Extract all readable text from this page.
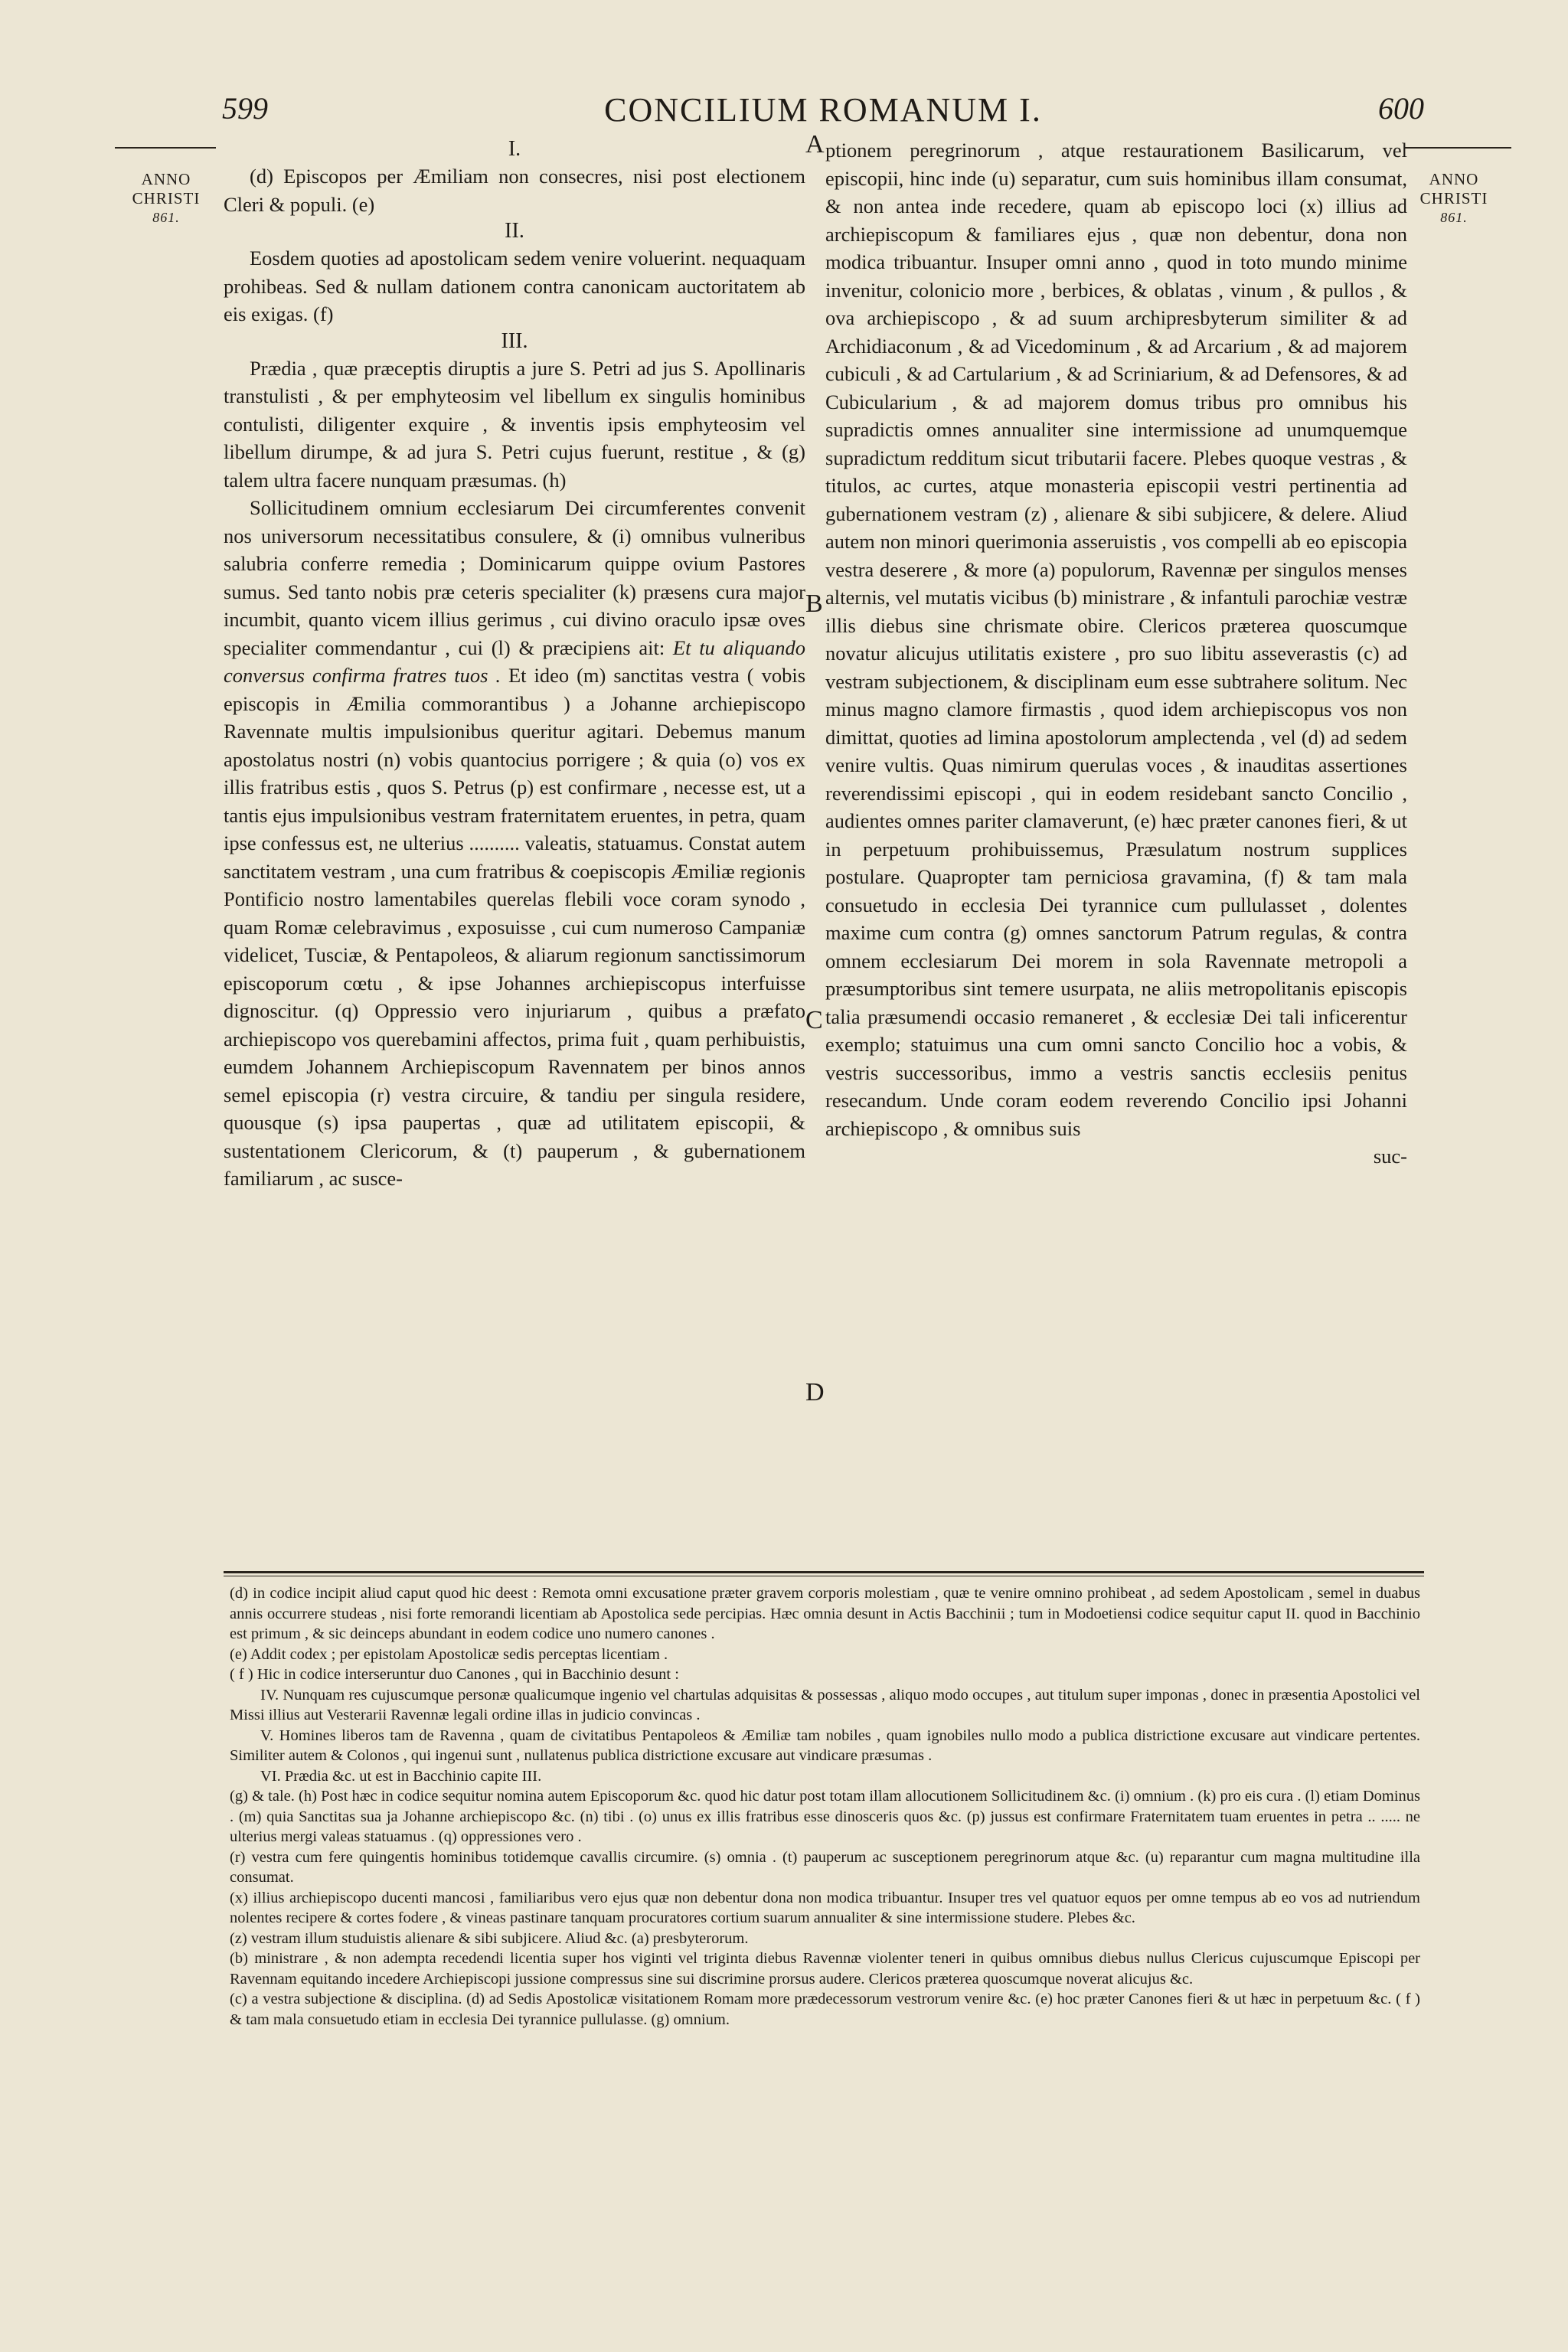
599	CONCILIUM ROMANUM I.	600
ANNO
CHRISTI
861.
ANNO
CHRISTI
861.
I.

(d) Episcopos per Æmiliam non consecres, nisi post electionem Cleri & populi. (e)

II.

Eosdem quoties ad apostolicam sedem venire voluerint. nequaquam prohibeas. Sed & nullam dationem contra canonicam auctoritatem ab eis exigas. (f)

III.

Prædia , quæ præceptis diruptis a jure S. Petri ad jus S. Apollinaris transtulisti , & per emphyteosim vel libellum ex singulis hominibus contulisti, diligenter exquire , & inventis ipsis emphyteosim vel libellum dirumpe, & ad jura S. Petri cujus fuerunt, restitue , & (g) talem ultra facere nunquam præsumas. (h)

Sollicitudinem omnium ecclesiarum Dei circumferentes convenit nos universorum necessitatibus consulere, & (i) omnibus vulneribus salubria conferre remedia ; Dominicarum quippe ovium Pastores sumus. Sed tanto nobis præ ceteris specialiter (k) præsens cura major incumbit, quanto vicem illius gerimus , cui divino oraculo ipsæ oves specialiter commendantur , cui (l) & præcipiens ait: Et tu aliquando conversus confirma fratres tuos . Et ideo (m) sanctitas vestra ( vobis episcopis in Æmilia commorantibus ) a Johanne archiepiscopo Ravennate multis impulsionibus queritur agitari. Debemus manum apostolatus nostri (n) vobis quantocius porrigere ; & quia (o) vos ex illis fratribus estis , quos S. Petrus (p) est confirmare , necesse est, ut a tantis ejus impulsionibus vestram fraternitatem eruentes, in petra, quam ipse confessus est, ne ulterius .......... valeatis, statuamus. Constat autem sanctitatem vestram , una cum fratribus & coepiscopis Æmiliæ regionis Pontificio nostro lamentabiles querelas flebili voce coram synodo , quam Romæ celebravimus , exposuisse , cui cum numeroso Campaniæ videlicet, Tusciæ, & Pentapoleos, & aliarum regionum sanctissimorum episcoporum cœtu , & ipse Johannes archiepiscopus interfuisse dignoscitur. (q) Oppressio vero injuriarum , quibus a præfato archiepiscopo vos querebamini affectos, prima fuit , quam perhibuistis, eumdem Johannem Archiepiscopum Ravennatem per binos annos semel episcopia (r) vestra circuire, & tandiu per singula residere, quousque (s) ipsa paupertas , quæ ad utilitatem episcopii, & sustentationem Clericorum, & (t) pauperum , & gubernationem familiarum , ac susce-

A
B
C
D

ptionem peregrinorum , atque restaurationem Basilicarum, vel episcopii, hinc inde (u) separatur, cum suis hominibus illam consumat, & non antea inde recedere, quam ab episcopo loci (x) illius ad archiepiscopum & familiares ejus , quæ non debentur, dona non modica tribuantur. Insuper omni anno , quod in toto mundo minime invenitur, colonicio more , berbices, & oblatas , vinum , & pullos , & ova archiepiscopo , & ad suum archipresbyterum similiter & ad Archidiaconum , & ad Vicedominum , & ad Arcarium , & ad majorem cubiculi , & ad Cartularium , & ad Scriniarium, & ad Defensores, & ad Cubicularium , & ad majorem domus tribus pro omnibus his supradictis omnes annualiter sine intermissione ad unumquemque supradictum redditum sicut tributarii facere. Plebes quoque vestras , & titulos, ac curtes, atque monasteria episcopii vestri pertinentia ad gubernationem vestram (z) , alienare & sibi subjicere, & delere. Aliud autem non minori querimonia asseruistis , vos compelli ab eo episcopia vestra deserere , & more (a) populorum, Ravennæ per singulos menses alternis, vel mutatis vicibus (b) ministrare , & infantuli parochiæ vestræ illis diebus sine chrismate obire. Clericos præterea quoscumque novatur alicujus utilitatis existere , pro suo libitu asseverastis (c) ad vestram subjectionem, & disciplinam eum esse subtrahere solitum. Nec minus magno clamore firmastis , quod idem archiepiscopus vos non dimittat, quoties ad limina apostolorum amplectenda , vel (d) ad sedem venire vultis. Quas nimirum querulas voces , & inauditas assertiones reverendissimi episcopi , qui in eodem residebant sancto Concilio , audientes omnes pariter clamaverunt, (e) hæc præter canones fieri, & ut in perpetuum prohibuissemus, Præsulatum nostrum supplices postulare. Quapropter tam perniciosa gravamina, (f) & tam mala consuetudo in ecclesia Dei tyrannice cum pullulasset , dolentes maxime cum contra (g) omnes sanctorum Patrum regulas, & contra omnem ecclesiarum Dei morem in sola Ravennate metropoli a præsumptoribus sint temere usurpata, ne aliis metropolitanis episcopis talia præsumendi occasio remaneret , & ecclesiæ Dei tali inficerentur exemplo; statuimus una cum omni sancto Concilio hoc a vobis, & vestris successoribus, immo a vestris sanctis ecclesiis penitus resecandum. Unde coram eodem reverendo Concilio ipsi Johanni archiepiscopo , & omnibus suis

suc-

(d) in codice incipit aliud caput quod hic deest : Remota omni excusatione præter gravem corporis molestiam , quæ te venire omnino prohibeat , ad sedem Apostolicam , semel in duabus annis occurrere studeas , nisi forte remorandi licentiam ab Apostolica sede percipias. Hæc omnia desunt in Actis Bacchinii ; tum in Modoetiensi codice sequitur caput II. quod in Bacchinio est primum , & sic deinceps abundant in eodem codice uno numero canones .

(e) Addit codex ; per epistolam Apostolicæ sedis perceptas licentiam .

( f ) Hic in codice interseruntur duo Canones , qui in Bacchinio desunt :

IV. Nunquam res cujuscumque personæ qualicumque ingenio vel chartulas adquisitas & possessas , aliquo modo occupes , aut titulum super imponas , donec in præsentia Apostolici vel Missi illius aut Vesterarii Ravennæ legali ordine illas in judicio convincas .

V. Homines liberos tam de Ravenna , quam de civitatibus Pentapoleos & Æmiliæ tam nobiles , quam ignobiles nullo modo a publica districtione excusare aut vindicare pertentes. Similiter autem & Colonos , qui ingenui sunt , nullatenus publica districtione excusare aut vindicare præsumas .

VI. Prædia &c. ut est in Bacchinio capite III.

(g) & tale. (h) Post hæc in codice sequitur nomina autem Episcoporum &c. quod hic datur post totam illam allocutionem Sollicitudinem &c. (i) omnium . (k) pro eis cura . (l) etiam Dominus . (m) quia Sanctitas sua ja Johanne archiepiscopo &c. (n) tibi . (o) unus ex illis fratribus esse dinosceris quos &c. (p) jussus est confirmare Fraternitatem tuam eruentes in petra .. ..... ne ulterius mergi valeas statuamus . (q) oppressiones vero .

(r) vestra cum fere quingentis hominibus totidemque cavallis circumire. (s) omnia . (t) pauperum ac susceptionem peregrinorum atque &c. (u) reparantur cum magna multitudine illa consumat.

(x) illius archiepiscopo ducenti mancosi , familiaribus vero ejus quæ non debentur dona non modica tribuantur. Insuper tres vel quatuor equos per omne tempus ab eo vos ad nutriendum nolentes recipere & cortes fodere , & vineas pastinare tanquam procuratores cortium suarum annualiter & sine intermissione studere. Plebes &c.

(z) vestram illum studuistis alienare & sibi subjicere. Aliud &c. (a) presbyterorum.

(b) ministrare , & non adempta recedendi licentia super hos viginti vel triginta diebus Ravennæ violenter teneri in quibus omnibus diebus nullus Clericus cujuscumque Episcopi per Ravennam equitando incedere Archiepiscopi jussione compressus sine sui discrimine prorsus audere. Clericos præterea quoscumque noverat alicujus &c.

(c) a vestra subjectione & disciplina. (d) ad Sedis Apostolicæ visitationem Romam more prædecessorum vestrorum venire &c. (e) hoc præter Canones fieri & ut hæc in perpetuum &c. ( f ) & tam mala consuetudo etiam in ecclesia Dei tyrannice pullulasse. (g) omnium.
